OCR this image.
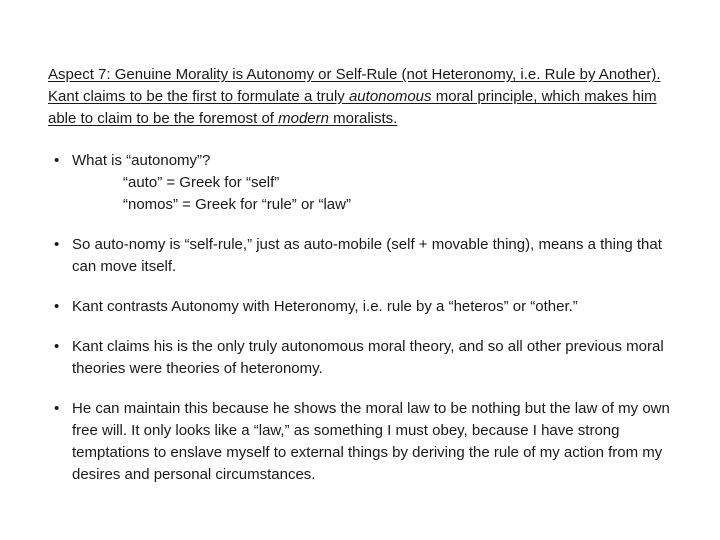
Aspect 7: Genuine Morality is Autonomy or Self-Rule (not Heteronomy, i.e. Rule by Another). Kant claims to be the first to formulate a truly autonomous moral principle, which makes him able to claim to be the foremost of modern moralists.
• What is “autonomy”?
“auto” = Greek for “self”
“nomos” = Greek for “rule” or “law”
• So auto-nomy is “self-rule,” just as auto-mobile (self + movable thing), means a thing that can move itself.
• Kant contrasts Autonomy with Heteronomy, i.e. rule by a “heteros” or “other.”
• Kant claims his is the only truly autonomous moral theory, and so all other previous moral theories were theories of heteronomy.
• He can maintain this because he shows the moral law to be nothing but the law of my own free will. It only looks like a “law,” as something I must obey, because I have strong temptations to enslave myself to external things by deriving the rule of my action from my desires and personal circumstances.
